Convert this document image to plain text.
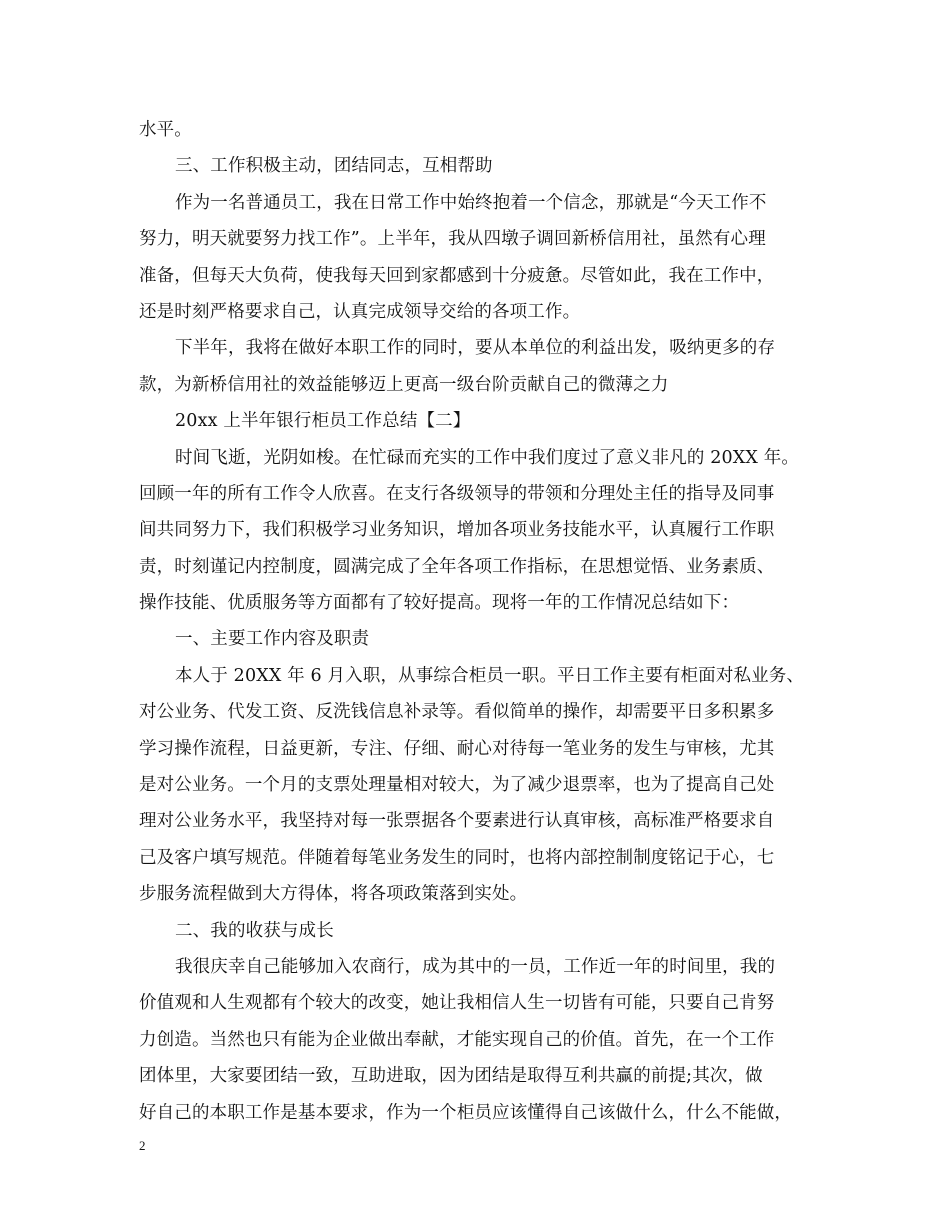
水平。
三、工作积极主动，团结同志，互相帮助
作为一名普通员工，我在日常工作中始终抱着一个信念，那就是“今天工作不
努力，明天就要努力找工作”。上半年，我从四墩子调回新桥信用社，虽然有心理
准备，但每天大负荷，使我每天回到家都感到十分疲惫。尽管如此，我在工作中，
还是时刻严格要求自己，认真完成领导交给的各项工作。
下半年，我将在做好本职工作的同时，要从本单位的利益出发，吸纳更多的存
款，为新桥信用社的效益能够迈上更高一级台阶贡献自己的微薄之力
20xx 上半年银行柜员工作总结【二】
时间飞逝，光阴如梭。在忙碌而充实的工作中我们度过了意义非凡的 20XX 年。
回顾一年的所有工作令人欣喜。在支行各级领导的带领和分理处主任的指导及同事
间共同努力下，我们积极学习业务知识，增加各项业务技能水平，认真履行工作职
责，时刻谨记内控制度，圆满完成了全年各项工作指标，在思想觉悟、业务素质、
操作技能、优质服务等方面都有了较好提高。现将一年的工作情况总结如下：
一、主要工作内容及职责
本人于 20XX 年 6 月入职，从事综合柜员一职。平日工作主要有柜面对私业务、
对公业务、代发工资、反洗钱信息补录等。看似简单的操作，却需要平日多积累多
学习操作流程，日益更新，专注、仔细、耐心对待每一笔业务的发生与审核，尤其
是对公业务。一个月的支票处理量相对较大，为了减少退票率，也为了提高自己处
理对公业务水平，我坚持对每一张票据各个要素进行认真审核，高标准严格要求自
己及客户填写规范。伴随着每笔业务发生的同时，也将内部控制制度铭记于心，七
步服务流程做到大方得体，将各项政策落到实处。
二、我的收获与成长
我很庆幸自己能够加入农商行，成为其中的一员，工作近一年的时间里，我的
价值观和人生观都有个较大的改变，她让我相信人生一切皆有可能，只要自己肯努
力创造。当然也只有能为企业做出奉献，才能实现自己的价值。首先，在一个工作
团体里，大家要团结一致，互助进取，因为团结是取得互利共赢的前提;其次，做
好自己的本职工作是基本要求，作为一个柜员应该懂得自己该做什么，什么不能做，
2
